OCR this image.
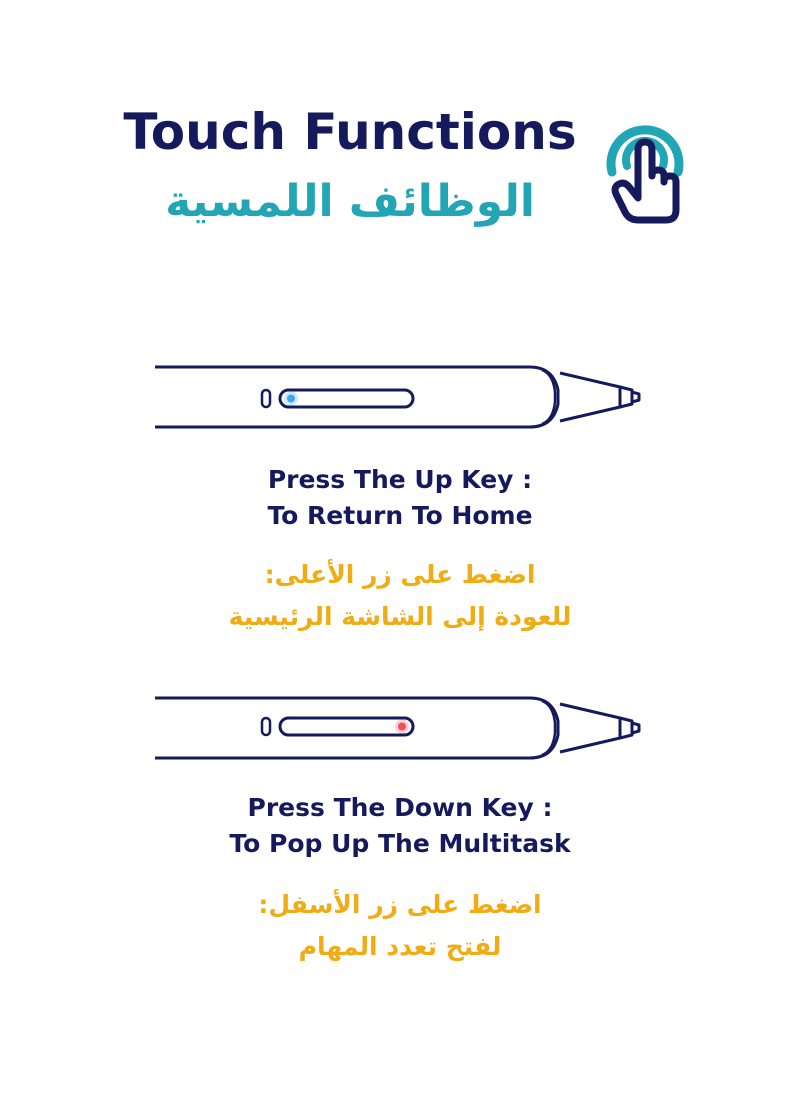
Touch Functions
الوظائف اللمسية
Press The Up Key :
To Return To Home
اضغط على زر الأعلى:
للعودة إلى الشاشة الرئيسية
Press The Down Key :
To Pop Up The Multitask
اضغط على زر الأسفل:
لفتح تعدد المهام
